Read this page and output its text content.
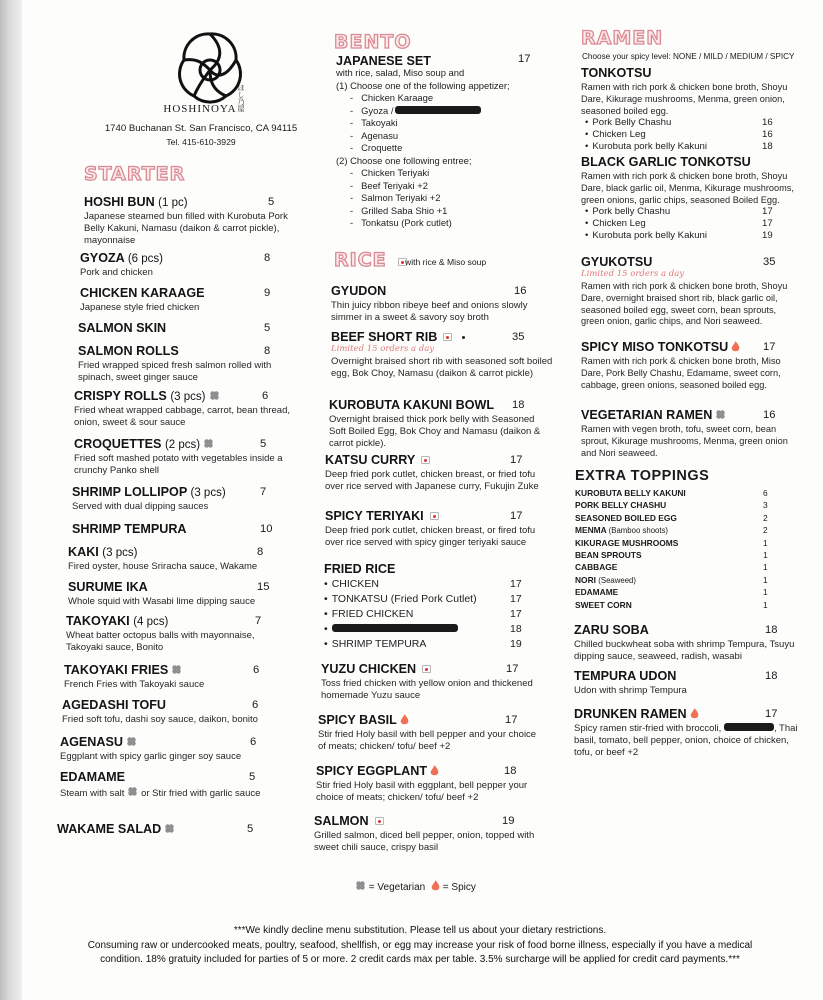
ほし乃屋
HOSHINOYA
1740 Buchanan St. San Francisco, CA 94115
Tel. 415-610-3929
STARTER
HOSHI BUN (1 pc)
Japanese steamed bun filled with Kurobuta Pork Belly Kakuni, Namasu (daikon & carrot pickle), mayonnaise
5
GYOZA (6 pcs)
Pork and chicken
8
CHICKEN KARAAGE
Japanese style fried chicken
9
SALMON SKIN	5
SALMON ROLLS
Fried wrapped spiced fresh salmon rolled with spinach, sweet ginger sauce
8
CRISPY ROLLS (3 pcs)
Fried wheat wrapped cabbage, carrot, bean thread, onion, sweet & sour sauce
6
CROQUETTES (2 pcs)
Fried soft mashed potato with vegetables inside a crunchy Panko shell
5
SHRIMP LOLLIPOP (3 pcs)
Served with dual dipping sauces
7
SHRIMP TEMPURA	10
KAKI (3 pcs)
Fired oyster, house Sriracha sauce, Wakame
8
SURUME IKA
Whole squid with Wasabi lime dipping sauce
15
TAKOYAKI (4 pcs)
Wheat batter octopus balls with mayonnaise, Takoyaki sauce, Bonito
7
TAKOYAKI FRIES
French Fries with Takoyaki sauce
6
AGEDASHI TOFU
Fried soft tofu, dashi soy sauce, daikon, bonito
6
AGENASU
Eggplant with spicy garlic ginger soy sauce
6
EDAMAME
Steam with salt or Stir fried with garlic sauce
5
WAKAME SALAD	5
BENTO
JAPANESE SET	17
with rice, salad, Miso soup and
(1) Choose one of the following appetizer;
- Chicken Karaage
- Gyoza /
- Takoyaki
- Agenasu
- Croquette
(2) Choose one following entree;
- Chicken Teriyaki
- Beef Teriyaki +2
- Salmon Teriyaki +2
- Grilled Saba Shio +1
- Tonkatsu (Pork cutlet)
RICE with rice & Miso soup
GYUDON
Thin juicy ribbon ribeye beef and onions slowly simmer in a sweet & savory soy broth
16
BEEF SHORT RIB
Limited 15 orders a day
Overnight braised short rib with seasoned soft boiled egg, Bok Choy, Namasu (daikon & carrot pickle)
35
KUROBUTA KAKUNI BOWL
Overnight braised thick pork belly with Seasoned Soft Boiled Egg, Bok Choy and Namasu (daikon & carrot pickle).
18
KATSU CURRY
Deep fried pork cutlet, chicken breast, or fried tofu over rice served with Japanese curry, Fukujin Zuke
17
SPICY TERIYAKI
Deep fried pork cutlet, chicken breast, or fired tofu over rice served with spicy ginger teriyaki sauce
17
FRIED RICE
• CHICKEN	17
• TONKATSU (Fried Pork Cutlet)	17
• FRIED CHICKEN	17
•	18
• SHRIMP TEMPURA	19
YUZU CHICKEN
Toss fried chicken with yellow onion and thickened homemade Yuzu sauce
17
SPICY BASIL
Stir fried Holy basil with bell pepper and your choice of meats; chicken/ tofu/ beef +2
17
SPICY EGGPLANT
Stir fried Holy basil with eggplant, bell pepper your choice of meats; chicken/ tofu/ beef +2
18
SALMON
Grilled salmon, diced bell pepper, onion, topped with sweet chili sauce, crispy basil
19
RAMEN
Choose your spicy level: NONE / MILD / MEDIUM / SPICY
TONKOTSU
Ramen with rich pork & chicken bone broth, Shoyu Dare, Kikurage mushrooms, Menma, green onion, seasoned boiled egg.
• Pork Belly Chashu	16
• Chicken Leg	16
• Kurobuta pork belly Kakuni	18
BLACK GARLIC TONKOTSU
Ramen with rich pork & chicken bone broth, Shoyu Dare, black garlic oil, Menma, Kikurage mushrooms, green onions, garlic chips, seasoned Boiled Egg.
• Pork belly Chashu	17
• Chicken Leg	17
• Kurobuta pork belly Kakuni	19
GYUKOTSU
Limited 15 orders a day
Ramen with rich pork & chicken bone broth, Shoyu Dare, overnight braised short rib, black garlic oil, seasoned boiled egg, sweet corn, bean sprouts, green onion, garlic chips, and Nori seaweed.
35
SPICY MISO TONKOTSU
Ramen with rich pork & chicken bone broth, Miso Dare, Pork Belly Chashu, Edamame, sweet corn, cabbage, green onions, seasoned boiled egg.
17
VEGETARIAN RAMEN
Ramen with vegen broth, tofu, sweet corn, bean sprout, Kikurage mushrooms, Menma, green onion and Nori seaweed.
16
EXTRA TOPPINGS
KUROBUTA BELLY KAKUNI	6
PORK BELLY CHASHU	3
SEASONED BOILED EGG	2
MENMA (Bamboo shoots)	2
KIKURAGE MUSHROOMS	1
BEAN SPROUTS	1
CABBAGE	1
NORI (Seaweed)	1
EDAMAME	1
SWEET CORN	1
ZARU SOBA
Chilled buckwheat soba with shrimp Tempura, Tsuyu dipping sauce, seaweed, radish, wasabi
18
TEMPURA UDON
Udon with shrimp Tempura
18
DRUNKEN RAMEN
Spicy ramen stir-fried with broccoli,	, Thai basil, tomato, bell pepper, onion, choice of chicken, tofu, or beef +2
17
= Vegetarian = Spicy
***We kindly decline menu substitution. Please tell us about your dietary restrictions.
Consuming raw or undercooked meats, poultry, seafood, shellfish, or egg may increase your risk of food borne illness, especially if you have a medical
condition. 18% gratuity included for parties of 5 or more. 2 credit cards max per table. 3.5% surcharge will be applied for credit card payments.***
